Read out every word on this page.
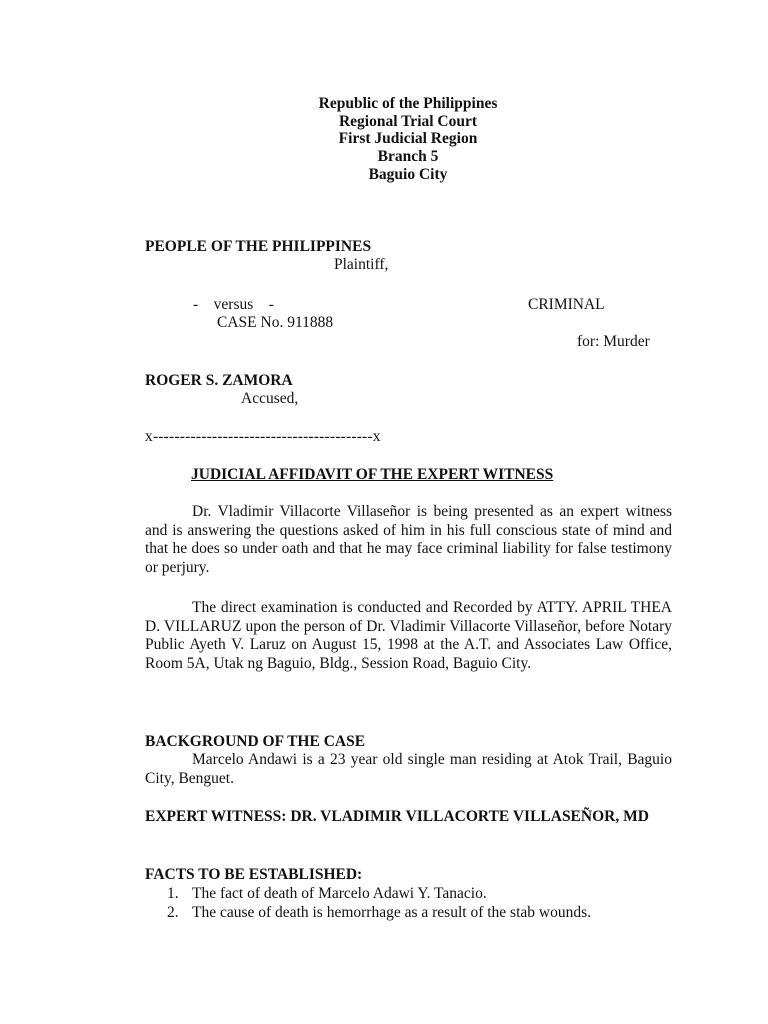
Republic of the Philippines

Regional Trial Court

First Judicial Region

Branch 5

Baguio City

PEOPLE OF THE PHILIPPINES

Plaintiff,

-    versus    -	CRIMINAL

CASE No. 911888

for: Murder

ROGER S. ZAMORA

Accused,

x-----------------------------------------x

JUDICIAL AFFIDAVIT OF THE EXPERT WITNESS

Dr. Vladimir Villacorte Villaseñor is being presented as an expert witness and is answering the questions asked of him in his full conscious state of mind and that he does so under oath and that he may face criminal liability for false testimony or perjury.

The direct examination is conducted and Recorded by ATTY. APRIL THEA D. VILLARUZ upon the person of Dr. Vladimir Villacorte Villaseñor, before Notary Public Ayeth V. Laruz on August 15, 1998 at the A.T. and Associates Law Office, Room 5A, Utak ng Baguio, Bldg., Session Road, Baguio City.

BACKGROUND OF THE CASE

Marcelo Andawi is a 23 year old single man residing at Atok Trail, Baguio City, Benguet.

EXPERT WITNESS: DR. VLADIMIR VILLACORTE VILLASEÑOR, MD

FACTS TO BE ESTABLISHED:

1. The fact of death of Marcelo Adawi Y. Tanacio.
2. The cause of death is hemorrhage as a result of the stab wounds.
